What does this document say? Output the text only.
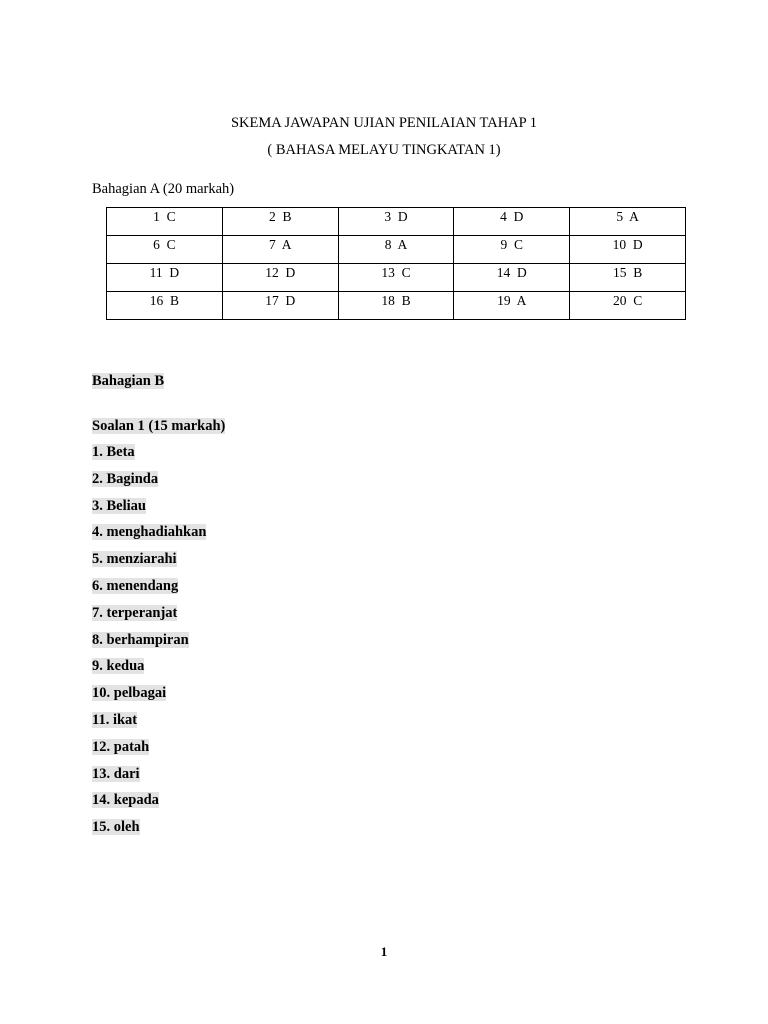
SKEMA JAWAPAN UJIAN PENILAIAN TAHAP 1
( BAHASA MELAYU TINGKATAN 1)
Bahagian A (20 markah)
1  C	2  B	3  D	4  D	5  A
6  C	7  A	8  A	9  C	10  D
11  D	12  D	13  C	14  D	15  B
16  B	17  D	18  B	19  A	20  C
Bahagian B
Soalan 1 (15 markah)
1. Beta
2. Baginda
3. Beliau
4. menghadiahkan
5. menziarahi
6. menendang
7. terperanjat
8. berhampiran
9. kedua
10. pelbagai
11. ikat
12. patah
13. dari
14. kepada
15. oleh
1
